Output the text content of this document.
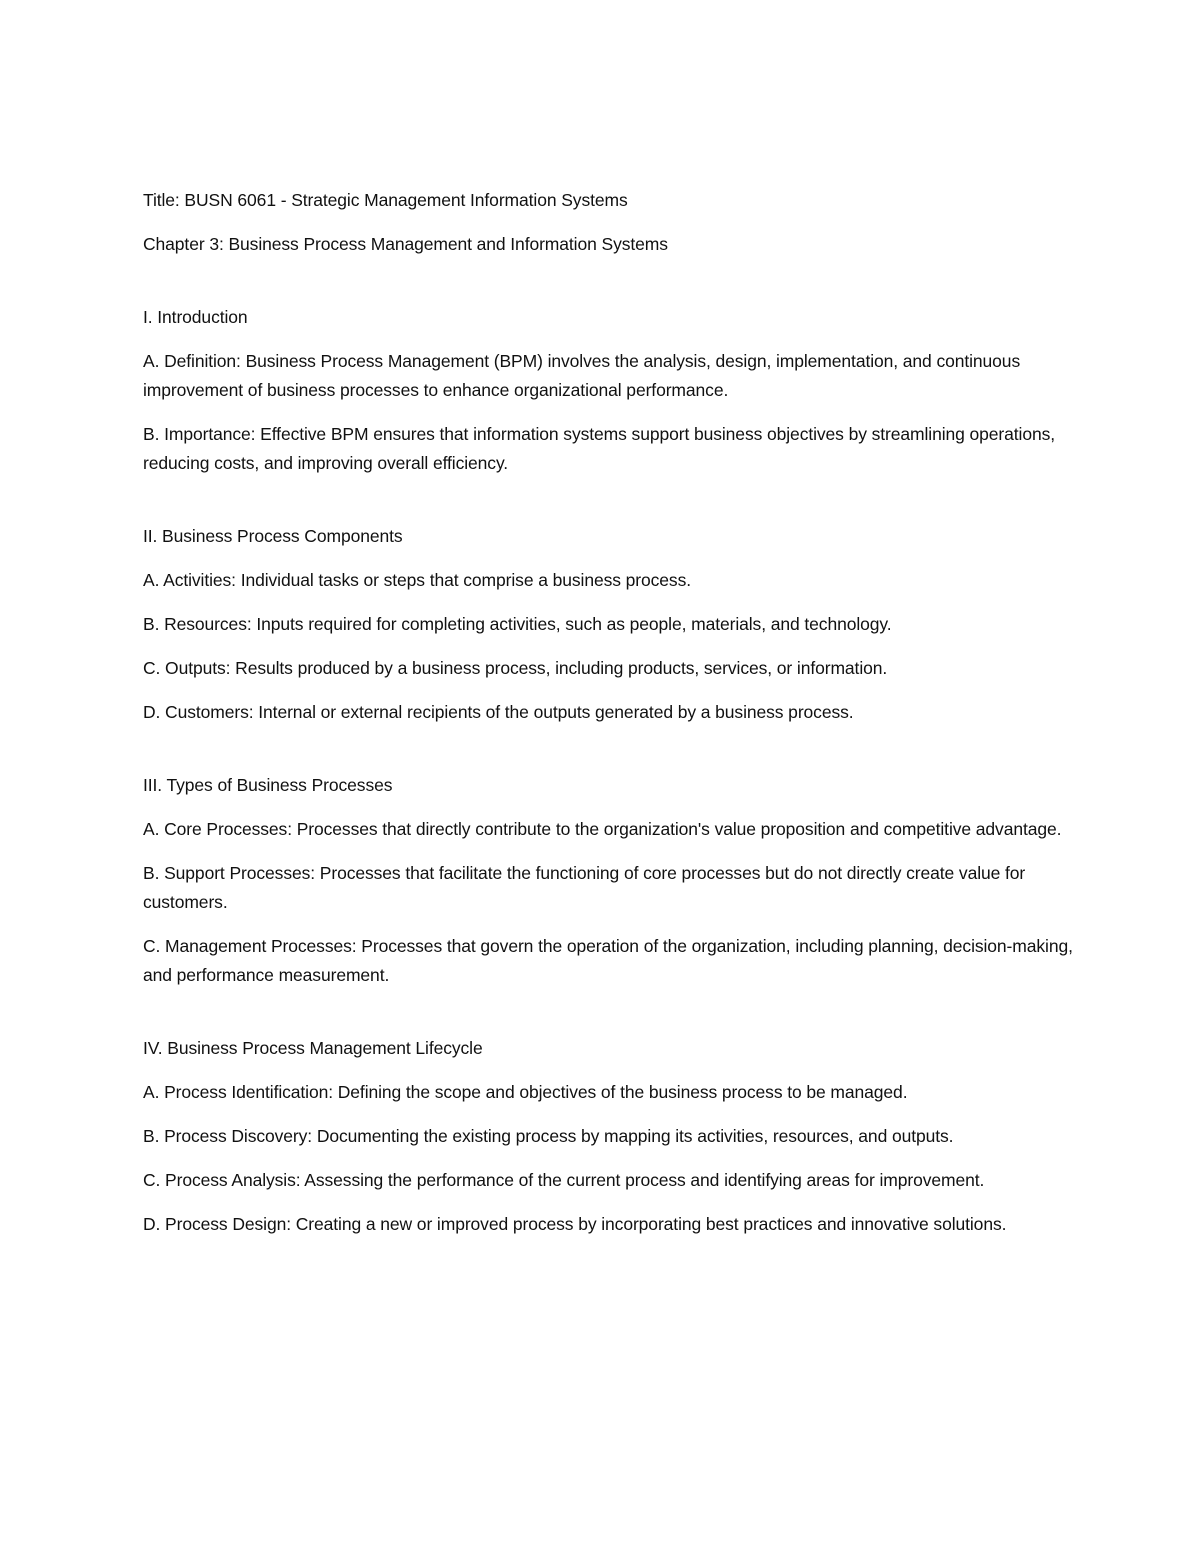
Title: BUSN 6061 - Strategic Management Information Systems

Chapter 3: Business Process Management and Information Systems

I. Introduction

A. Definition: Business Process Management (BPM) involves the analysis, design, implementation, and continuous improvement of business processes to enhance organizational performance.

B. Importance: Effective BPM ensures that information systems support business objectives by streamlining operations, reducing costs, and improving overall efficiency.

II. Business Process Components

A. Activities: Individual tasks or steps that comprise a business process.

B. Resources: Inputs required for completing activities, such as people, materials, and technology.

C. Outputs: Results produced by a business process, including products, services, or information.

D. Customers: Internal or external recipients of the outputs generated by a business process.

III. Types of Business Processes

A. Core Processes: Processes that directly contribute to the organization's value proposition and competitive advantage.

B. Support Processes: Processes that facilitate the functioning of core processes but do not directly create value for customers.

C. Management Processes: Processes that govern the operation of the organization, including planning, decision-making, and performance measurement.

IV. Business Process Management Lifecycle

A. Process Identification: Defining the scope and objectives of the business process to be managed.

B. Process Discovery: Documenting the existing process by mapping its activities, resources, and outputs.

C. Process Analysis: Assessing the performance of the current process and identifying areas for improvement.

D. Process Design: Creating a new or improved process by incorporating best practices and innovative solutions.
